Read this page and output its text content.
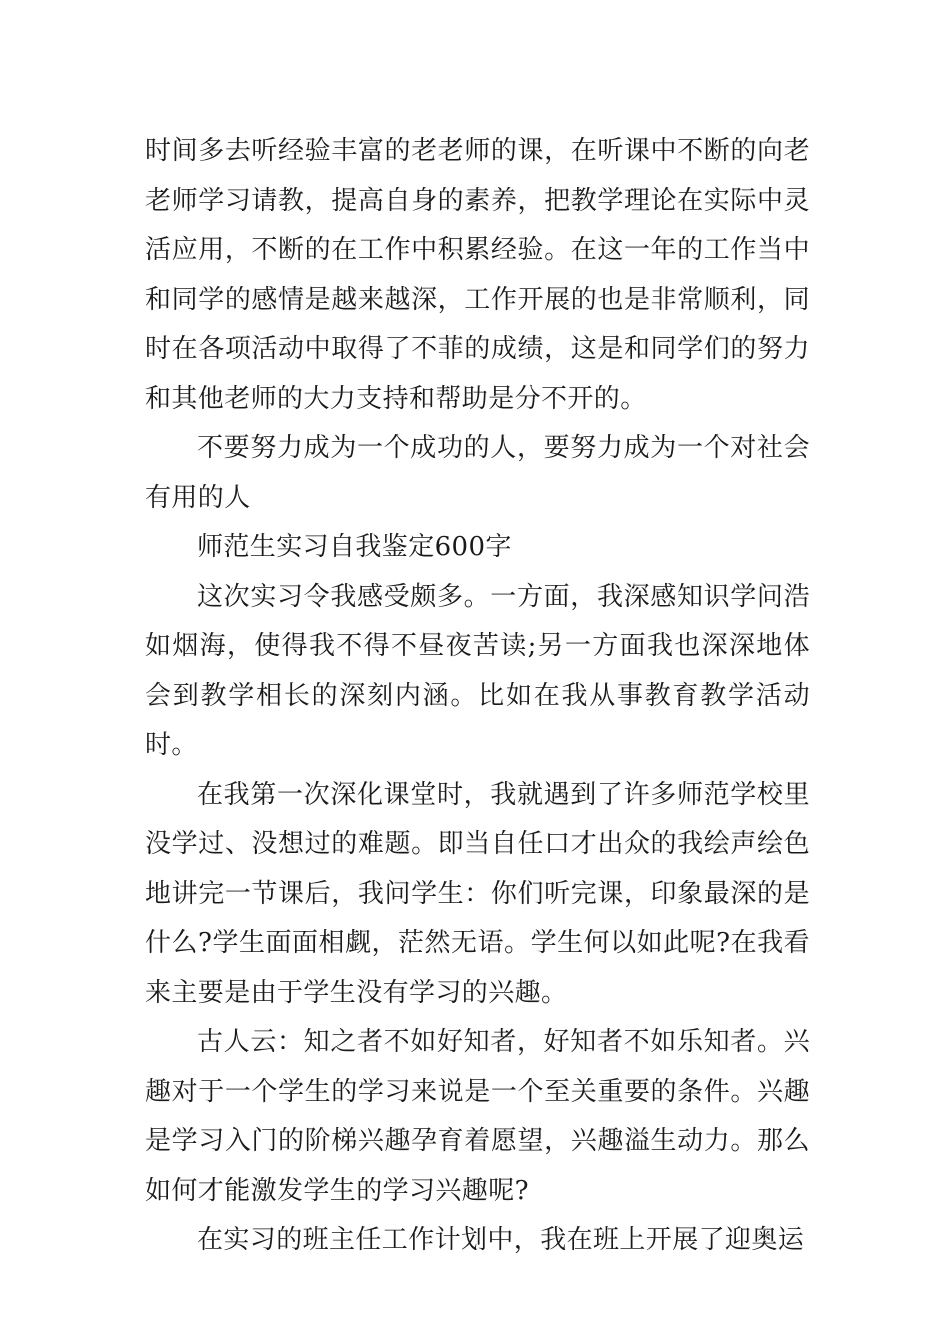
时间多去听经验丰富的老老师的课，在听课中不断的向老老师学习请教，提高自身的素养，把教学理论在实际中灵活应用，不断的在工作中积累经验。在这一年的工作当中和同学的感情是越来越深，工作开展的也是非常顺利，同时在各项活动中取得了不菲的成绩，这是和同学们的努力和其他老师的大力支持和帮助是分不开的。

不要努力成为一个成功的人，要努力成为一个对社会有用的人

师范生实习自我鉴定600字

这次实习令我感受颇多。一方面，我深感知识学问浩如烟海，使得我不得不昼夜苦读;另一方面我也深深地体会到教学相长的深刻内涵。比如在我从事教育教学活动时。

在我第一次深化课堂时，我就遇到了许多师范学校里没学过、没想过的难题。即当自任口才出众的我绘声绘色地讲完一节课后，我问学生：你们听完课，印象最深的是什么?学生面面相觑，茫然无语。学生何以如此呢?在我看来主要是由于学生没有学习的兴趣。

古人云：知之者不如好知者，好知者不如乐知者。兴趣对于一个学生的学习来说是一个至关重要的条件。兴趣是学习入门的阶梯兴趣孕育着愿望，兴趣溢生动力。那么如何才能激发学生的学习兴趣呢?

在实习的班主任工作计划中，我在班上开展了迎奥运
